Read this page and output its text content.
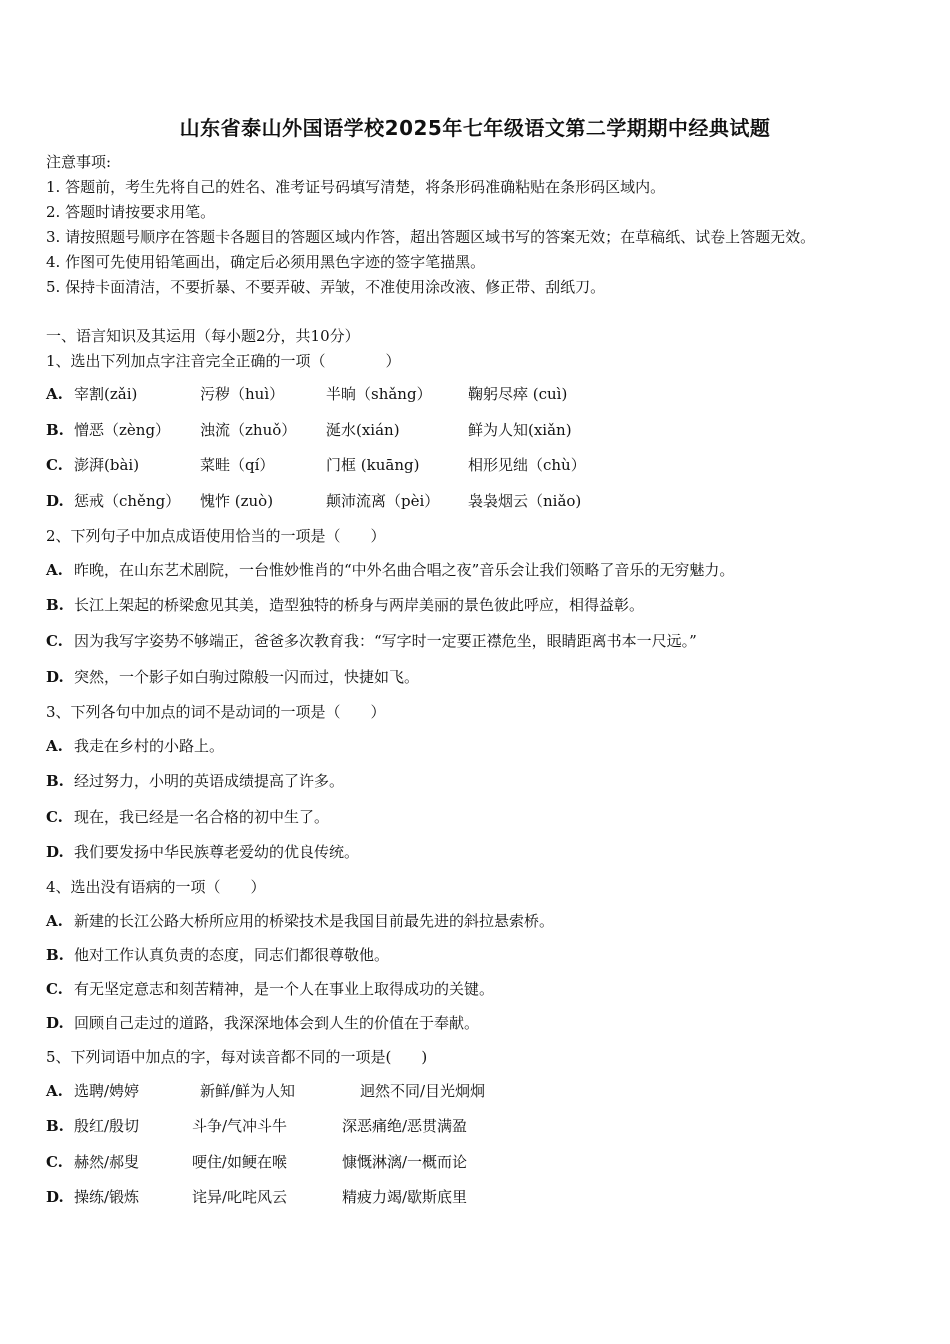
山东省泰山外国语学校2025年七年级语文第二学期期中经典试题
注意事项:
1. 答题前，考生先将自己的姓名、准考证号码填写清楚，将条形码准确粘贴在条形码区域内。
2. 答题时请按要求用笔。
3. 请按照题号顺序在答题卡各题目的答题区域内作答，超出答题区域书写的答案无效；在草稿纸、试卷上答题无效。
4. 作图可先使用铅笔画出，确定后必须用黑色字迹的签字笔描黑。
5. 保持卡面清洁，不要折暴、不要弄破、弄皱，不准使用涂改液、修正带、刮纸刀。
一、语言知识及其运用（每小题2分，共10分）
1、选出下列加点字注音完全正确的一项（　　　　）
A. 宰割(zǎi)	污秽（huì）	半晌（shǎng） 鞠躬尽瘁 (cuì)
B. 憎恶（zèng） 浊流（zhuǒ） 涎水(xián)	鲜为人知(xiǎn)
C. 澎湃(bài)	菜畦（qí）	门框 (kuāng)	相形见绌（chù）
D. 惩戒（chěng） 愧怍 (zuò)	颠沛流离（pèi） 袅袅烟云（niǎo)
2、下列句子中加点成语使用恰当的一项是（　　）
A. 昨晚，在山东艺术剧院，一台惟妙惟肖的“中外名曲合唱之夜”音乐会让我们领略了音乐的无穷魅力。
B. 长江上架起的桥梁愈见其美，造型独特的桥身与两岸美丽的景色彼此呼应，相得益彰。
C. 因为我写字姿势不够端正，爸爸多次教育我：“写字时一定要正襟危坐，眼睛距离书本一尺远。”
D. 突然，一个影子如白驹过隙般一闪而过，快捷如飞。
3、下列各句中加点的词不是动词的一项是（　　）
A. 我走在乡村的小路上。
B. 经过努力，小明的英语成绩提高了许多。
C. 现在，我已经是一名合格的初中生了。
D. 我们要发扬中华民族尊老爱幼的优良传统。
4、选出没有语病的一项（　　）
A. 新建的长江公路大桥所应用的桥梁技术是我国目前最先进的斜拉悬索桥。
B. 他对工作认真负责的态度，同志们都很尊敬他。
C. 有无坚定意志和刻苦精神，是一个人在事业上取得成功的关键。
D. 回顾自己走过的道路，我深深地体会到人生的价值在于奉献。
5、下列词语中加点的字，每对读音都不同的一项是(　　)
A. 选聘/娉婷	新鲜/鲜为人知	迥然不同/目光炯炯
B. 殷红/殷切	斗争/气冲斗牛	深恶痛绝/恶贯满盈
C. 赫然/郝叟	哽住/如鲠在喉	慷慨淋漓/一概而论
D. 操练/锻炼	诧异/叱咤风云	精疲力竭/歇斯底里
